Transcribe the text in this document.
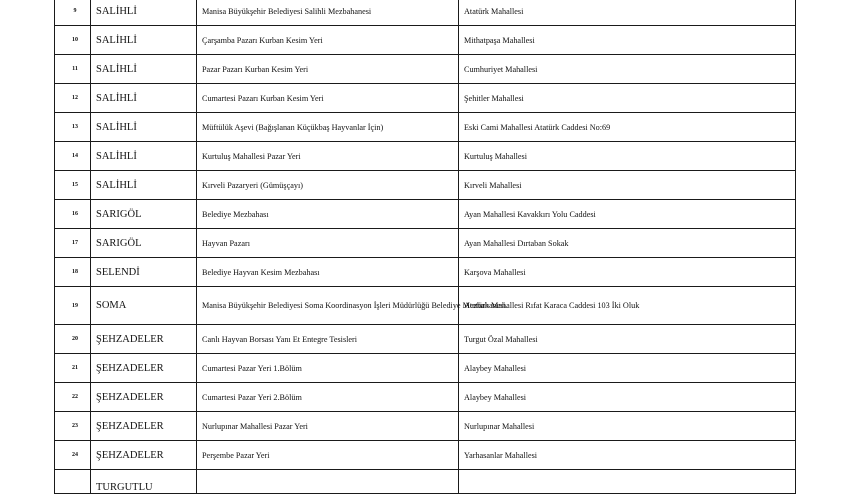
9	SALİHLİ	Manisa Büyükşehir Belediyesi Salihli Mezbahanesi	Atatürk Mahallesi
10	SALİHLİ	Çarşamba Pazarı Kurban Kesim Yeri	Mithatpaşa Mahallesi
11	SALİHLİ	Pazar Pazarı Kurban Kesim Yeri	Cumhuriyet Mahallesi
12	SALİHLİ	Cumartesi Pazarı Kurban Kesim Yeri	Şehitler Mahallesi
13	SALİHLİ	Müftülük Aşevi (Bağışlanan Küçükbaş Hayvanlar İçin)	Eski Cami Mahallesi Atatürk Caddesi No:69
14	SALİHLİ	Kurtuluş Mahallesi Pazar Yeri	Kurtuluş Mahallesi
15	SALİHLİ	Kırveli Pazaryeri (Gümüşçayı)	Kırveli Mahallesi
16	SARIGÖL	Belediye Mezbahası	Ayan Mahallesi Kavakkırı Yolu Caddesi
17	SARIGÖL	Hayvan Pazarı	Ayan Mahallesi Dırtaban Sokak
18	SELENDİ	Belediye Hayvan Kesim Mezbahası	Karşova Mahallesi
19	SOMA	Manisa Büyükşehir Belediyesi Soma Koordinasyon İşleri Müdürlüğü Belediye Mezbahanesi.	Atatürk Mahallesi Rıfat Karaca Caddesi 103 İki Oluk
20	ŞEHZADELER	Canlı Hayvan Borsası Yanı Et Entegre Tesisleri	Turgut Özal Mahallesi
21	ŞEHZADELER	Cumartesi Pazar Yeri 1.Bölüm	Alaybey Mahallesi
22	ŞEHZADELER	Cumartesi Pazar Yeri 2.Bölüm	Alaybey Mahallesi
23	ŞEHZADELER	Nurlupınar Mahallesi Pazar Yeri	Nurlupınar Mahallesi
24	ŞEHZADELER	Perşembe Pazar Yeri	Yarhasanlar Mahallesi
	TURGUTLU		
